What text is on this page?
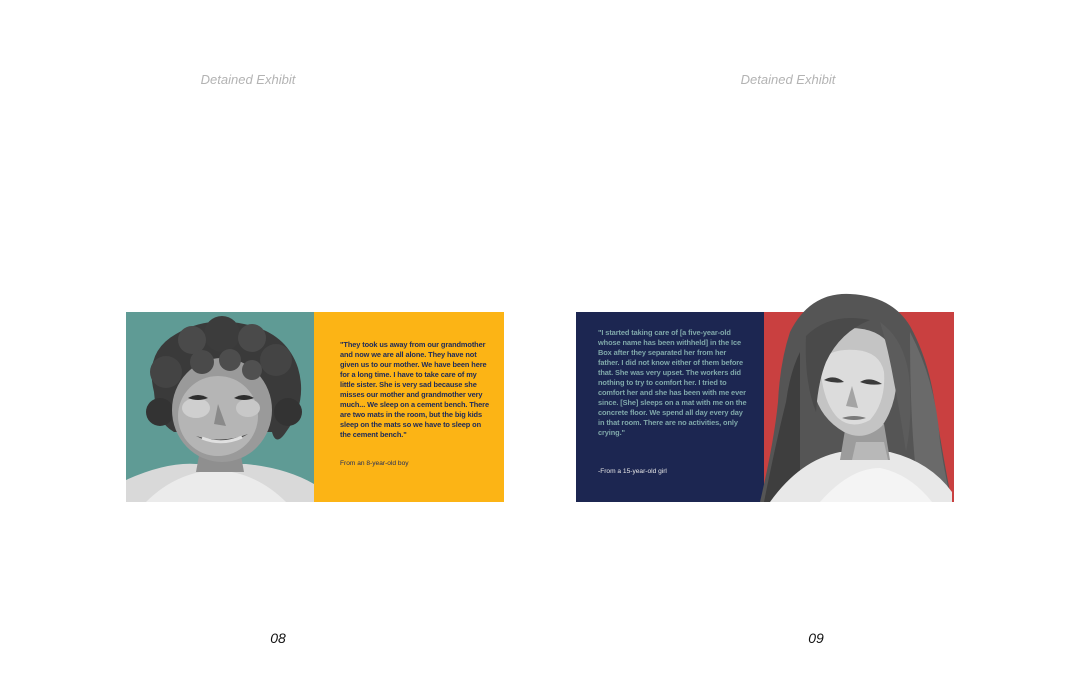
Detained Exhibit
"They took us away from our grandmother and now we are all alone. They have not given us to our mother. We have been here for a long time. I have to take care of my little sister. She is very sad because she misses our mother and grandmother very much... We sleep on a cement bench. There are two mats in the room, but the big kids sleep on the mats so we have to sleep on the cement bench."
From an 8-year-old boy
08
Detained Exhibit
"I started taking care of [a five-year-old whose name has been withheld] in the Ice Box after they separated her from her father. I did not know either of them before that. She was very upset. The workers did nothing to try to comfort her. I tried to comfort her and she has been with me ever since. [She] sleeps on a mat with me on the concrete floor. We spend all day every day in that room. There are no activities, only crying."
-From a 15-year-old girl
09
